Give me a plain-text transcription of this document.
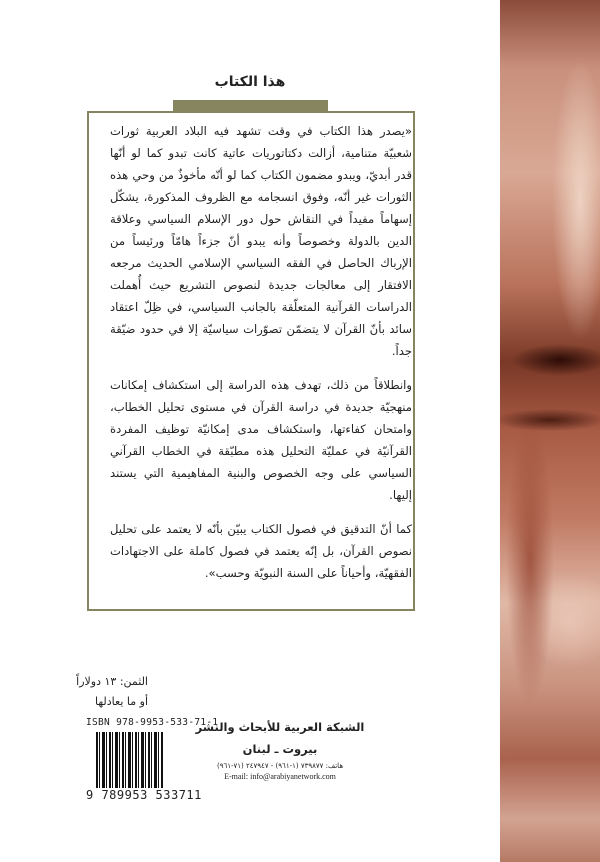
هذا الكتاب

«يصدر هذا الكتاب في وقت تشهد فيه البلاد العربية ثورات شعبيّة متنامية، أزالت دكتاتوريات عاتية كانت تبدو كما لو أنّها قدر أبديّ، ويبدو مضمون الكتاب كما لو أنّه مأخوذٌ من وحي هذه الثورات غير أنّه، وفوق انسجامه مع الظروف المذكورة، يشكّل إسهاماً مفيداً في النقاش حول دور الإسلام السياسي وعلاقة الدين بالدولة وخصوصاً وأنه يبدو أنّ جزءاً هامّاً ورئيساً من الإرباك الحاصل في الفقه السياسي الإسلامي الحديث مرجعه الافتقار إلى معالجات جديدة لنصوص التشريع حيث أُهملت الدراسات القرآنية المتعلّقة بالجانب السياسي، في ظِلّ اعتقاد سائد بأنّ القرآن لا يتضمّن تصوّرات سياسيّة إلا في حدود ضيّقة جداً.

وانطلاقاً من ذلك، تهدف هذه الدراسة إلى استكشاف إمكانات منهجيّة جديدة في دراسة القرآن في مستوى تحليل الخطاب، وامتحان كفاءتها، واستكشاف مدى إمكانيّة توظيف المفردة القرآنيّة في عمليّة التحليل هذه مطبّقة في الخطاب القرآني السياسي على وجه الخصوص والبنية المفاهيمية التي يستند إليها.

كما أنّ التدقيق في فصول الكتاب يبيّن بأنّه لا يعتمد على تحليل نصوص القرآن، بل إنّه يعتمد في فصول كاملة على الاجتهادات الفقهيّة، وأحياناً على السنة النبويّة وحسب».

الثمن: ١٣ دولاراً
أو ما يعادلها
ISBN 978-9953-533-71-1
9 789953 533711
الشبكة العربية للأبحاث والنشر
بيروت ـ لبنان
هاتف: ٧٣٩٨٧٧ (١-٩٦١) - ٢٤٧٩٤٧ (٧١-٩٦١)
E-mail: info@arabiyanetwork.com
